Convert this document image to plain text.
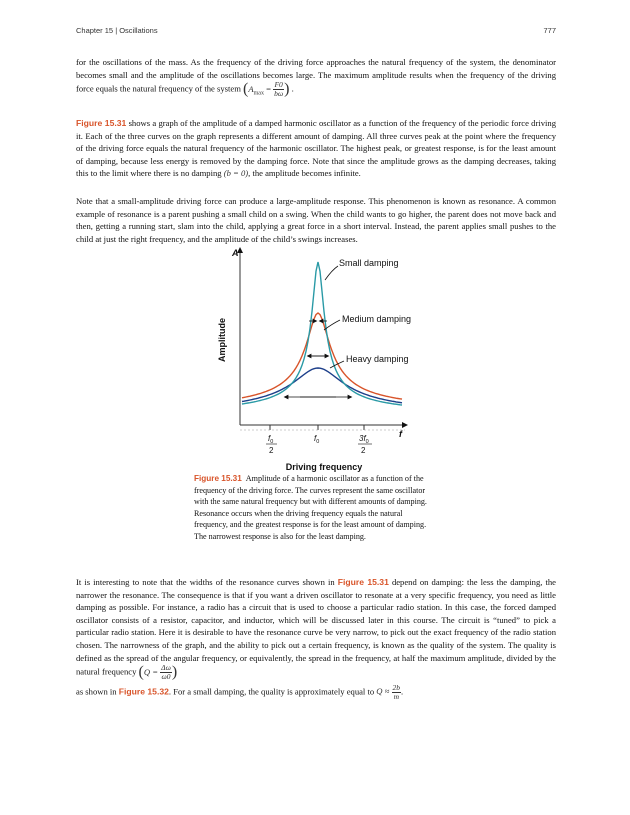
Chapter 15 | Oscillations	777

for the oscillations of the mass. As the frequency of the driving force approaches the natural frequency of the system, the denominator becomes small and the amplitude of the oscillations becomes large. The maximum amplitude results when the frequency of the driving force equals the natural frequency of the system ($A_{max} = \frac{F0}{b\omega}$ ) .

Figure 15.31 shows a graph of the amplitude of a damped harmonic oscillator as a function of the frequency of the periodic force driving it. Each of the three curves on the graph represents a different amount of damping. All three curves peak at the point where the frequency of the driving force equals the natural frequency of the harmonic oscillator. The highest peak, or greatest response, is for the least amount of damping, because less energy is removed by the damping force. Note that since the amplitude grows as the damping decreases, taking this to the limit where there is no damping (b = 0), the amplitude becomes infinite.

Note that a small-amplitude driving force can produce a large-amplitude response. This phenomenon is known as resonance. A common example of resonance is a parent pushing a small child on a swing. When the child wants to go higher, the parent does not move back and then, getting a running start, slam into the child, applying a great force in a short interval. Instead, the parent applies small pushes to the child at just the right frequency, and the amplitude of the child’s swings increases.

A
Amplitude
f
Driving frequency
$f_0$
2
$f_0$	$3f_0$
2
Small damping
Medium damping
Heavy damping

Figure 15.31 Amplitude of a harmonic oscillator as a function of the frequency of the driving force. The curves represent the same oscillator with the same natural frequency but with different amounts of damping. Resonance occurs when the driving frequency equals the natural frequency, and the greatest response is for the least amount of damping. The narrowest response is also for the least damping.

It is interesting to note that the widths of the resonance curves shown in Figure 15.31 depend on damping: the less the damping, the narrower the resonance. The consequence is that if you want a driven oscillator to resonate at a very specific frequency, you need as little damping as possible. For instance, a radio has a circuit that is used to choose a particular radio station. In this case, the forced damped oscillator consists of a resistor, capacitor, and inductor, which will be discussed later in this course. The circuit is “tuned” to pick a particular radio station. Here it is desirable to have the resonance curve be very narrow, to pick out the exact frequency of the radio station chosen. The narrowness of the graph, and the ability to pick out a certain frequency, is known as the quality of the system. The quality is defined as the spread of the angular frequency, or equivalently, the spread in the frequency, at half the maximum amplitude, divided by the natural frequency ($Q = \frac{\Delta\omega}{\omega 0}$ )

as shown in Figure 15.32. For a small damping, the quality is approximately equal to $Q \approx \frac{2b}{m}$ .
